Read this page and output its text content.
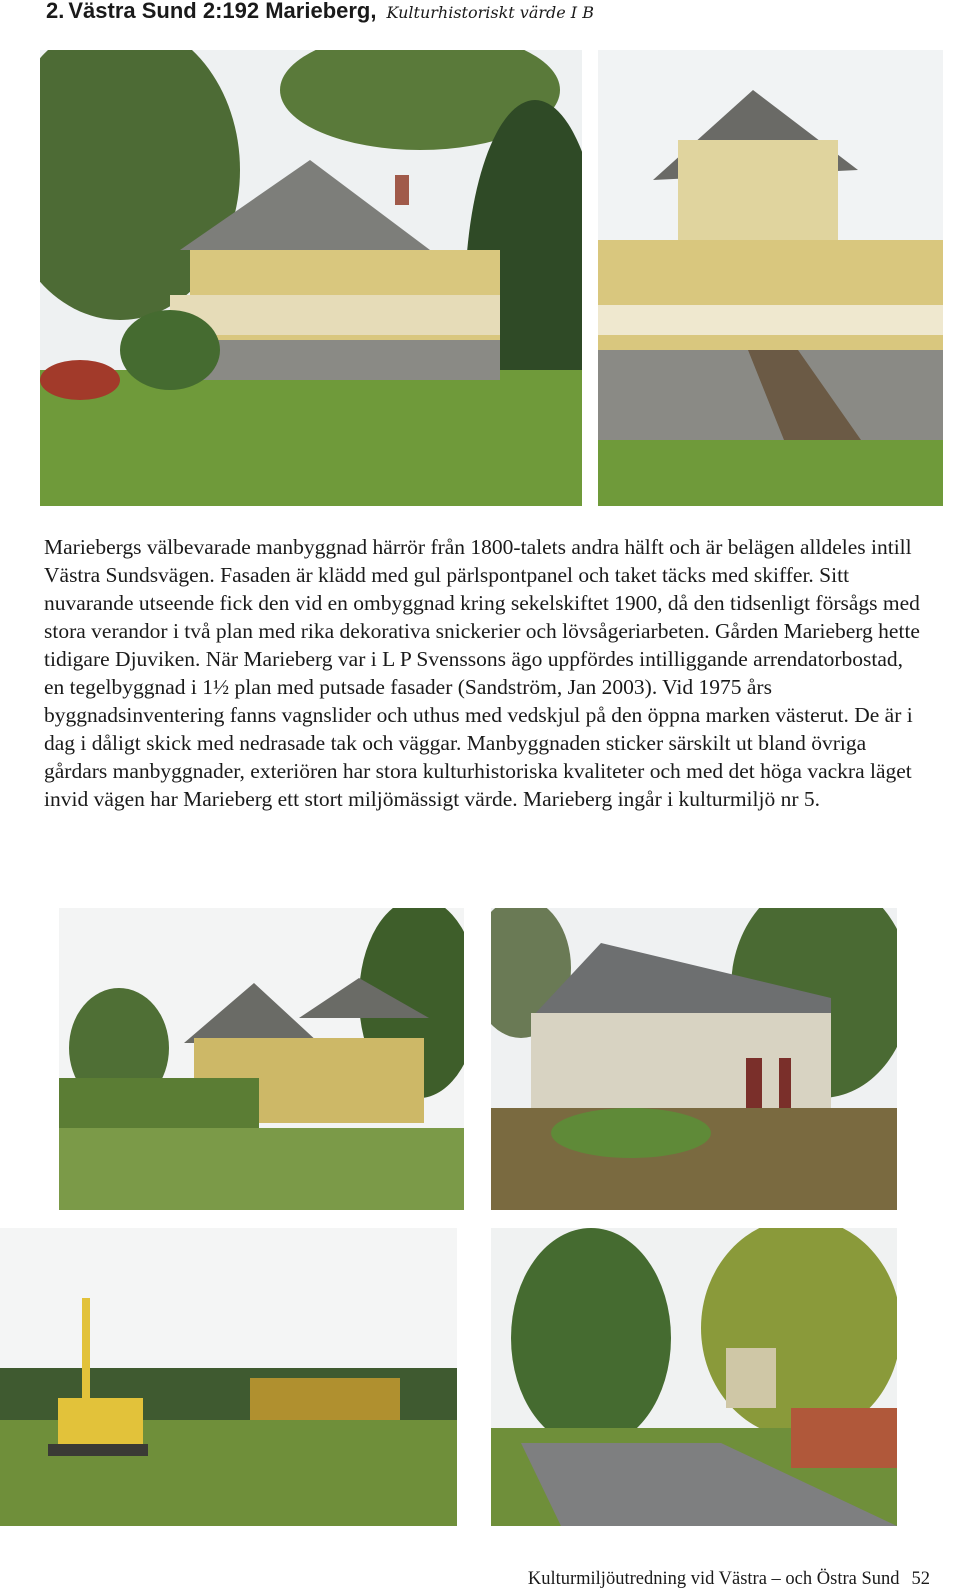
2. Västra Sund 2:192 Marieberg, Kulturhistoriskt värde I B

Mariebergs välbevarade manbyggnad härrör från 1800-talets andra hälft och är belägen alldeles intill Västra Sundsvägen. Fasaden är klädd med gul pärlspontpanel och taket täcks med skiffer. Sitt nuvarande utseende fick den vid en ombyggnad kring sekelskiftet 1900, då den tidsenligt försågs med stora verandor i två plan med rika dekorativa snickerier och lövsågeriarbeten. Gården Marieberg hette tidigare Djuviken. När Marieberg var i L P Svenssons ägo uppfördes intilliggande arrendatorbostad, en tegelbyggnad i 1½ plan med putsade fasader (Sandström, Jan 2003). Vid 1975 års byggnadsinventering fanns vagnslider och uthus med vedskjul på den öppna marken västerut. De är i dag i dåligt skick med nedrasade tak och väggar. Manbyggnaden sticker särskilt ut bland övriga gårdars manbyggnader, exteriören har stora kulturhistoriska kvaliteter och med det höga vackra läget invid vägen har Marieberg ett stort miljömässigt värde. Marieberg ingår i kulturmiljö nr 5.

Kulturmiljöutredning vid Västra – och Östra Sund 52
